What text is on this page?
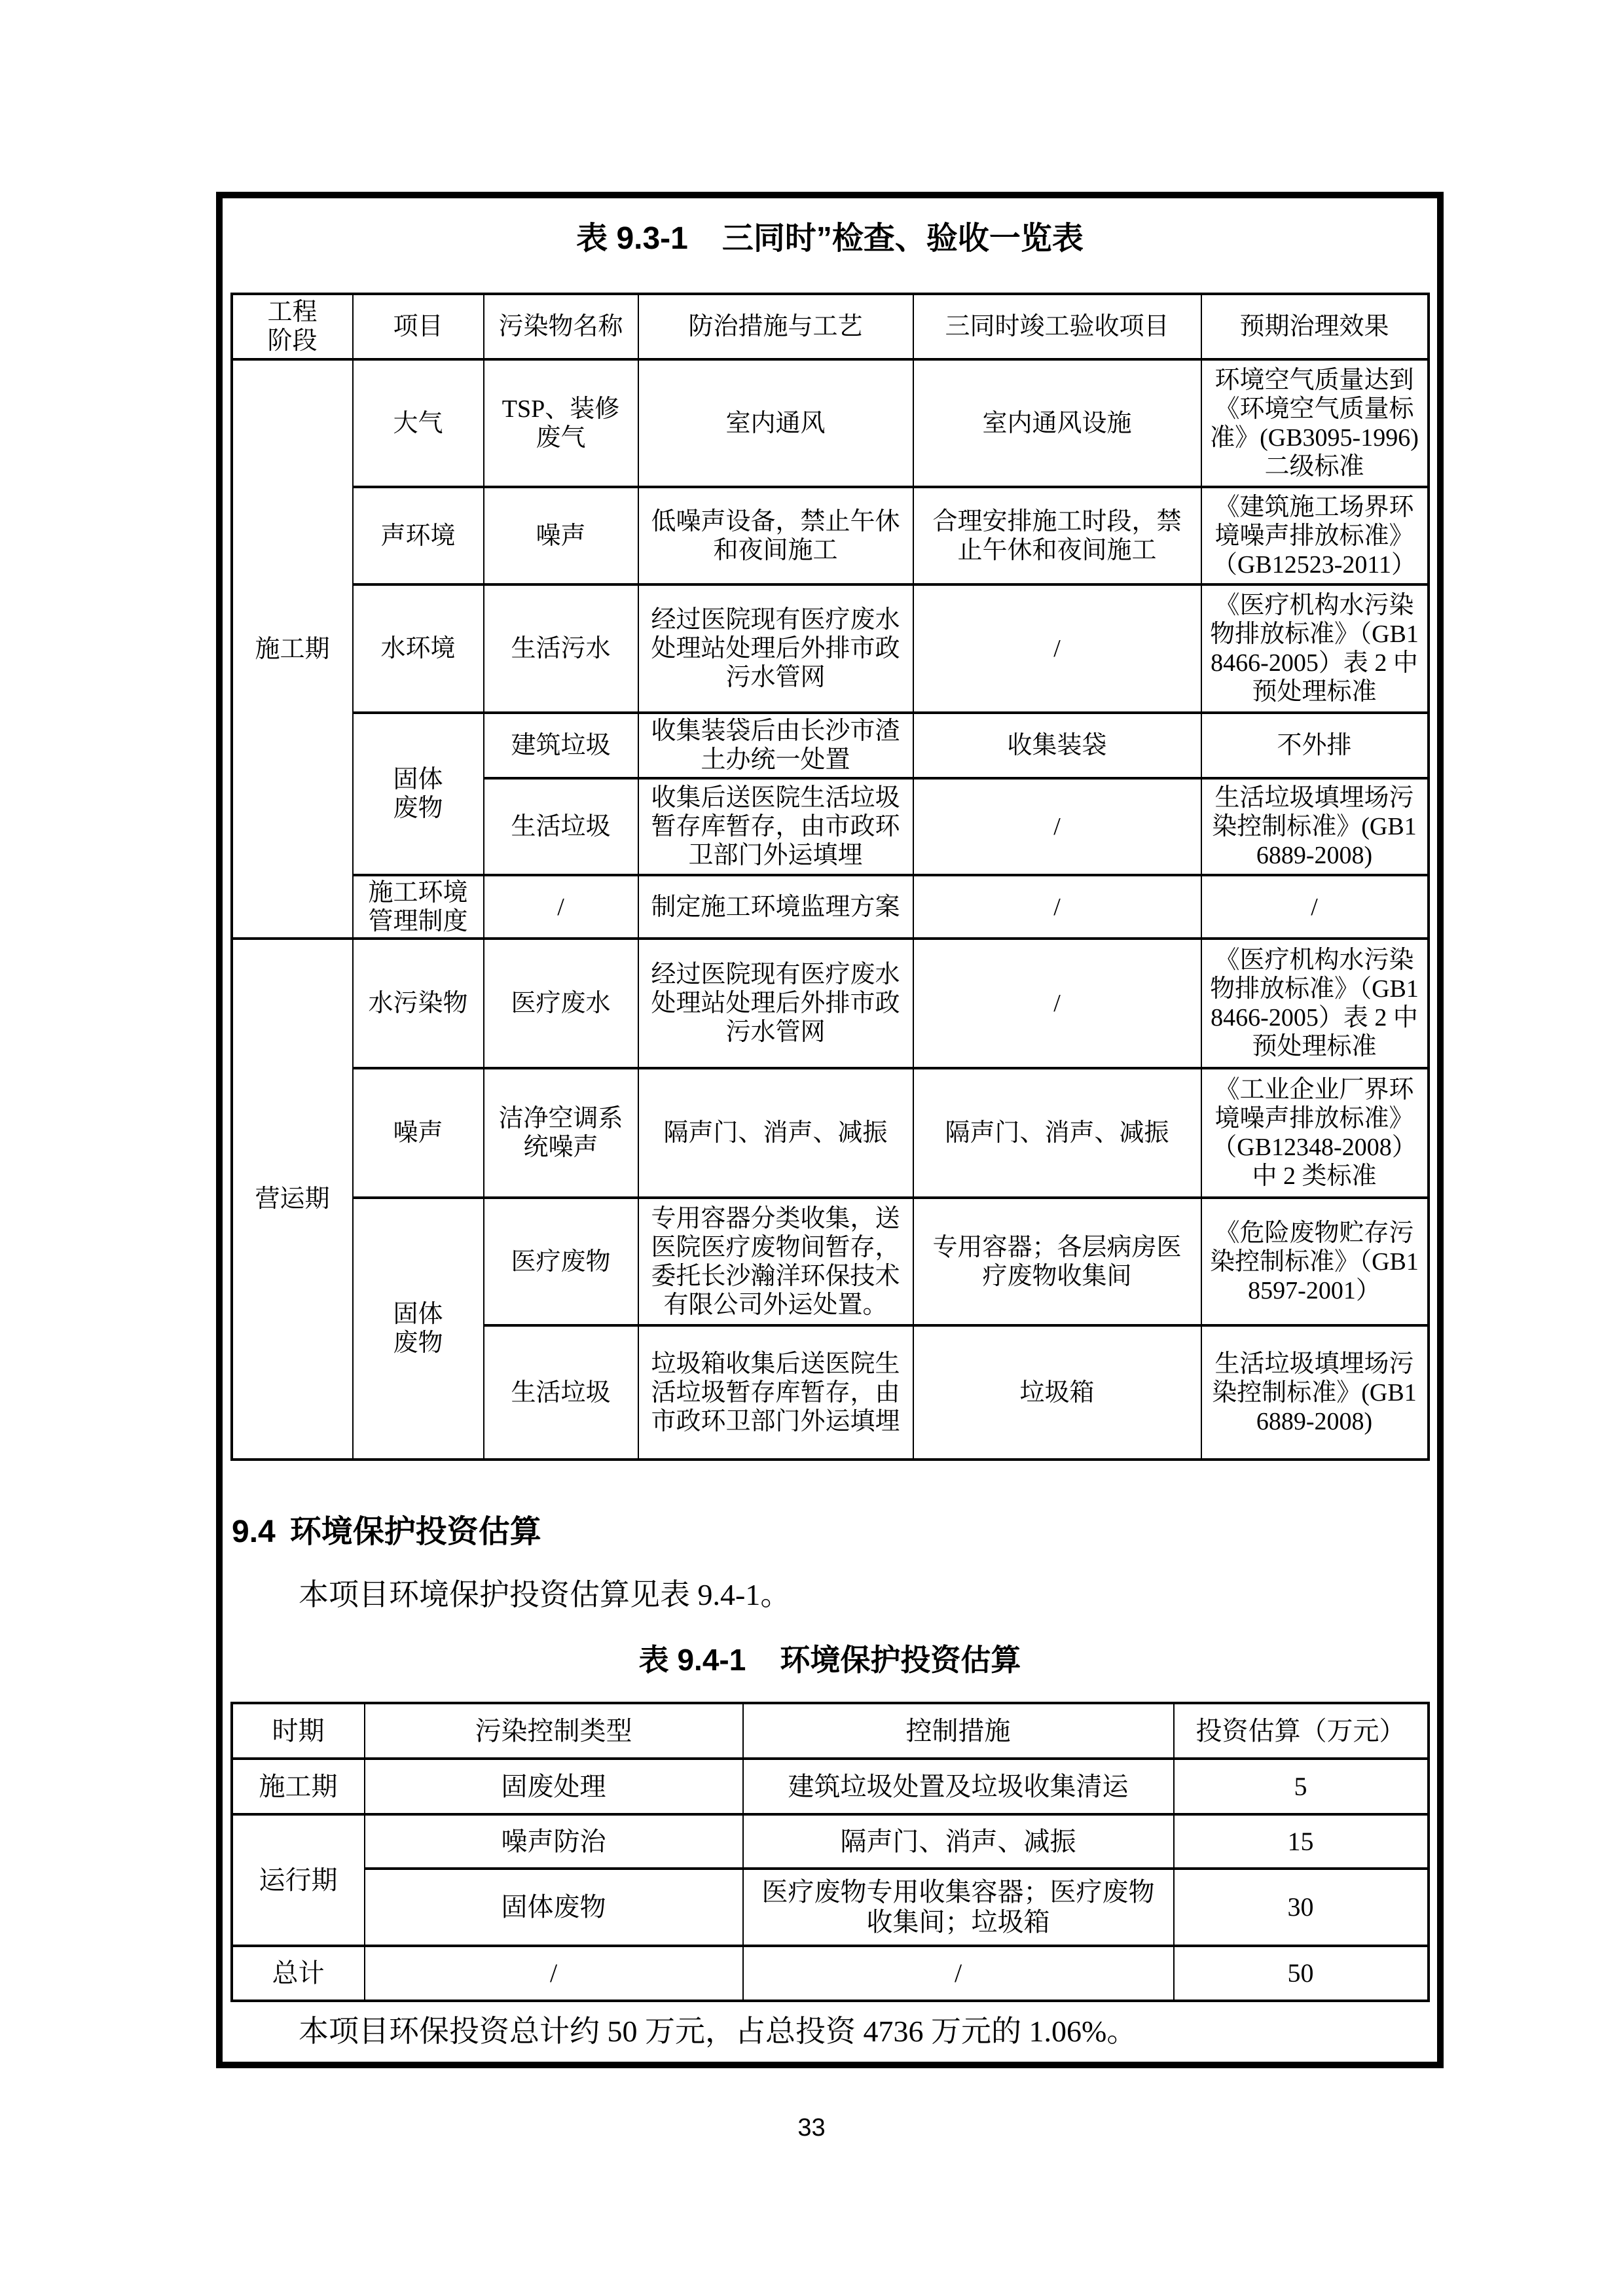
表 9.3-1 三同时”检查、验收一览表
工程阶段	项目	污染物名称	防治措施与工艺	三同时竣工验收项目	预期治理效果
施工期	大气	TSP、装修废气	室内通风	室内通风设施	环境空气质量达到《环境空气质量标准》(GB3095-1996)二级标准
	声环境	噪声	低噪声设备，禁止午休和夜间施工	合理安排施工时段，禁止午休和夜间施工	《建筑施工场界环境噪声排放标准》（GB12523-2011）
	水环境	生活污水	经过医院现有医疗废水处理站处理后外排市政污水管网	/	《医疗机构水污染物排放标准》（GB18466-2005）表 2 中预处理标准
	固体废物	建筑垃圾	收集装袋后由长沙市渣土办统一处置	收集装袋	不外排
		生活垃圾	收集后送医院生活垃圾暂存库暂存，由市政环卫部门外运填埋	/	生活垃圾填埋场污染控制标准》(GB16889-2008)
	施工环境管理制度	/	制定施工环境监理方案	/	/
营运期	水污染物	医疗废水	经过医院现有医疗废水处理站处理后外排市政污水管网	/	《医疗机构水污染物排放标准》（GB18466-2005）表 2 中预处理标准
	噪声	洁净空调系统噪声	隔声门、消声、减振	隔声门、消声、减振	《工业企业厂界环境噪声排放标准》（GB12348-2008）中 2 类标准
	固体废物	医疗废物	专用容器分类收集，送医院医疗废物间暂存，委托长沙瀚洋环保技术有限公司外运处置。	专用容器；各层病房医疗废物收集间	《危险废物贮存污染控制标准》（GB18597-2001）
		生活垃圾	垃圾箱收集后送医院生活垃圾暂存库暂存，由市政环卫部门外运填埋	垃圾箱	生活垃圾填埋场污染控制标准》(GB16889-2008)
9.4 环境保护投资估算
本项目环境保护投资估算见表 9.4-1。
表 9.4-1 环境保护投资估算
时期	污染控制类型	控制措施	投资估算（万元）
施工期	固废处理	建筑垃圾处置及垃圾收集清运	5
运行期	噪声防治	隔声门、消声、减振	15
	固体废物	医疗废物专用收集容器；医疗废物收集间；垃圾箱	30
总计	/	/	50
本项目环保投资总计约 50 万元，占总投资 4736 万元的 1.06%。
33
